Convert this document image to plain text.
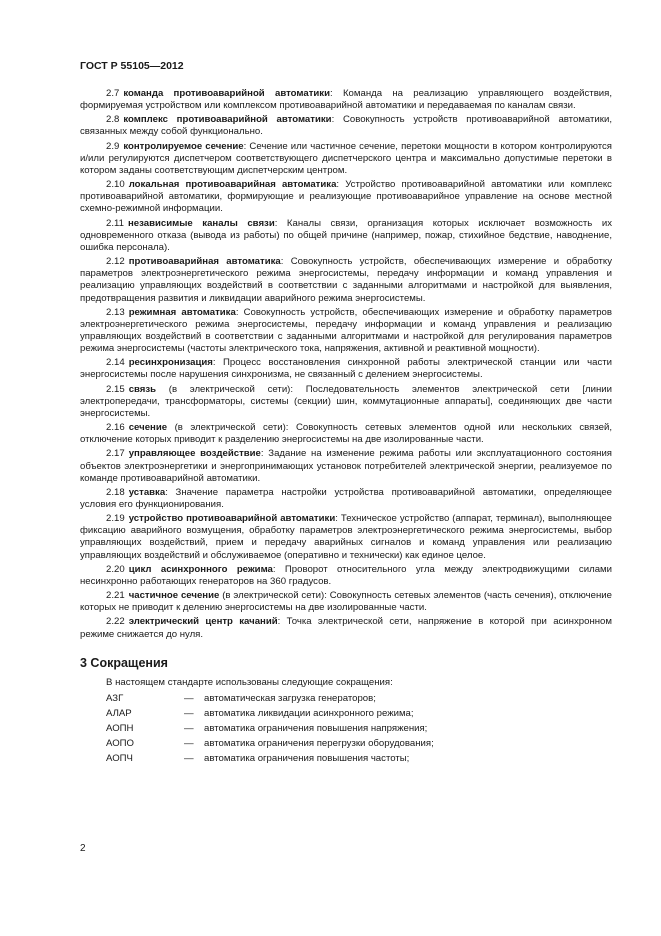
ГОСТ Р 55105—2012

2.7 команда противоаварийной автоматики: Команда на реализацию управляющего воздействия, формируемая устройством или комплексом противоаварийной автоматики и передаваемая по каналам связи.

2.8 комплекс противоаварийной автоматики: Совокупность устройств противоаварийной автоматики, связанных между собой функционально.

2.9 контролируемое сечение: Сечение или частичное сечение, перетоки мощности в котором контролируются и/или регулируются диспетчером соответствующего диспетчерского центра и максимально допустимые перетоки в котором заданы соответствующим диспетчерским центром.

2.10 локальная противоаварийная автоматика: Устройство противоаварийной автоматики или комплекс противоаварийной автоматики, формирующие и реализующие противоаварийное управление на основе местной схемно-режимной информации.

2.11 независимые каналы связи: Каналы связи, организация которых исключает возможность их одновременного отказа (вывода из работы) по общей причине (например, пожар, стихийное бедствие, наводнение, ошибка персонала).

2.12 противоаварийная автоматика: Совокупность устройств, обеспечивающих измерение и обработку параметров электроэнергетического режима энергосистемы, передачу информации и команд управления и реализацию управляющих воздействий в соответствии с заданными алгоритмами и настройкой для выявления, предотвращения развития и ликвидации аварийного режима энергосистемы.

2.13 режимная автоматика: Совокупность устройств, обеспечивающих измерение и обработку параметров электроэнергетического режима энергосистемы, передачу информации и команд управления и реализацию управляющих воздействий в соответствии с заданными алгоритмами и настройкой для регулирования параметров режима энергосистемы (частоты электрического тока, напряжения, активной и реактивной мощности).

2.14 ресинхронизация: Процесс восстановления синхронной работы электрической станции или части энергосистемы после нарушения синхронизма, не связанный с делением энергосистемы.

2.15 связь (в электрической сети): Последовательность элементов электрической сети [линии электропередачи, трансформаторы, системы (секции) шин, коммутационные аппараты], соединяющих две части энергосистемы.

2.16 сечение (в электрической сети): Совокупность сетевых элементов одной или нескольких связей, отключение которых приводит к разделению энергосистемы на две изолированные части.

2.17 управляющее воздействие: Задание на изменение режима работы или эксплуатационного состояния объектов электроэнергетики и энергопринимающих установок потребителей электрической энергии, реализуемое по команде противоаварийной автоматики.

2.18 уставка: Значение параметра настройки устройства противоаварийной автоматики, определяющее условия его функционирования.

2.19 устройство противоаварийной автоматики: Техническое устройство (аппарат, терминал), выполняющее фиксацию аварийного возмущения, обработку параметров электроэнергетического режима энергосистемы, выбор управляющих воздействий, прием и передачу аварийных сигналов и команд управления или реализацию управляющих воздействий и обслуживаемое (оперативно и технически) как единое целое.

2.20 цикл асинхронного режима: Проворот относительного угла между электродвижущими силами несинхронно работающих генераторов на 360 градусов.

2.21 частичное сечение (в электрической сети): Совокупность сетевых элементов (часть сечения), отключение которых не приводит к делению энергосистемы на две изолированные части.

2.22 электрический центр качаний: Точка электрической сети, напряжение в которой при асинхронном режиме снижается до нуля.

3 Сокращения
В настоящем стандарте использованы следующие сокращения:
АЗГ	—	автоматическая загрузка генераторов;
АЛАР	—	автоматика ликвидации асинхронного режима;
АОПН	—	автоматика ограничения повышения напряжения;
АОПО	—	автоматика ограничения перегрузки оборудования;
АОПЧ	—	автоматика ограничения повышения частоты;
2
